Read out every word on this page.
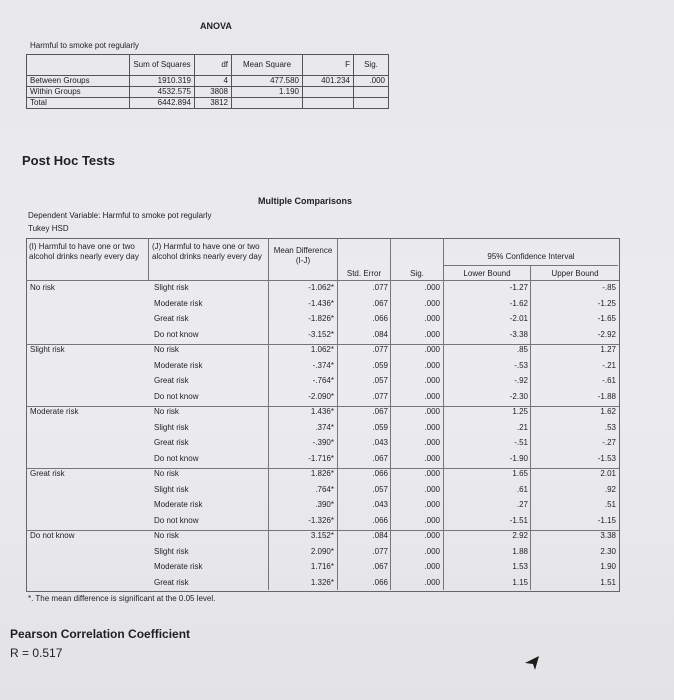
ANOVA
Harmful to smoke pot regularly
	Sum of Squares	df	Mean Square	F	Sig.
Between Groups	1910.319	4	477.580	401.234	.000
Within Groups	4532.575	3808	1.190		
Total	6442.894	3812			
Post Hoc Tests
Multiple Comparisons
Dependent Variable: Harmful to smoke pot regularly
Tukey HSD
(I) Harmful to have one or two alcohol drinks nearly every day
(J) Harmful to have one or two alcohol drinks nearly every day
Mean Difference (I-J)
Std. Error	Sig.
95% Confidence Interval
Lower Bound	Upper Bound
No risk	Slight risk	-1.062*	.077	.000	-1.27	-.85
Moderate risk	-1.436*	.067	.000	-1.62	-1.25
Great risk	-1.826*	.066	.000	-2.01	-1.65
Do not know	-3.152*	.084	.000	-3.38	-2.92
Slight risk	No risk	1.062*	.077	.000	.85	1.27
Moderate risk	-.374*	.059	.000	-.53	-.21
Great risk	-.764*	.057	.000	-.92	-.61
Do not know	-2.090*	.077	.000	-2.30	-1.88
Moderate risk	No risk	1.436*	.067	.000	1.25	1.62
Slight risk	.374*	.059	.000	.21	.53
Great risk	-.390*	.043	.000	-.51	-.27
Do not know	-1.716*	.067	.000	-1.90	-1.53
Great risk	No risk	1.826*	.066	.000	1.65	2.01
Slight risk	.764*	.057	.000	.61	.92
Moderate risk	.390*	.043	.000	.27	.51
Do not know	-1.326*	.066	.000	-1.51	-1.15
Do not know	No risk	3.152*	.084	.000	2.92	3.38
Slight risk	2.090*	.077	.000	1.88	2.30
Moderate risk	1.716*	.067	.000	1.53	1.90
Great risk	1.326*	.066	.000	1.15	1.51
*. The mean difference is significant at the 0.05 level.
Pearson Correlation Coefficient
R = 0.517
